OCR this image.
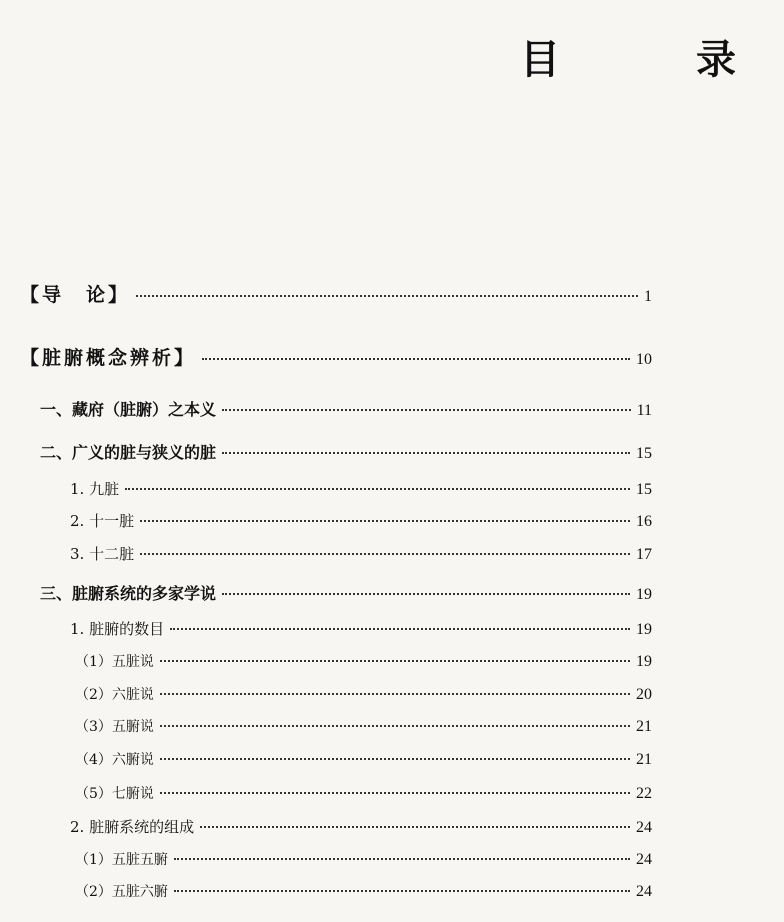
目　录
【导　论】	1
【脏腑概念辨析】	10
一、藏府（脏腑）之本义	11
二、广义的脏与狭义的脏	15
1. 九脏	15
2. 十一脏	16
3. 十二脏	17
三、脏腑系统的多家学说	19
1. 脏腑的数目	19
（1）五脏说	19
（2）六脏说	20
（3）五腑说	21
（4）六腑说	21
（5）七腑说	22
2. 脏腑系统的组成	24
（1）五脏五腑	24
（2）五脏六腑	24
